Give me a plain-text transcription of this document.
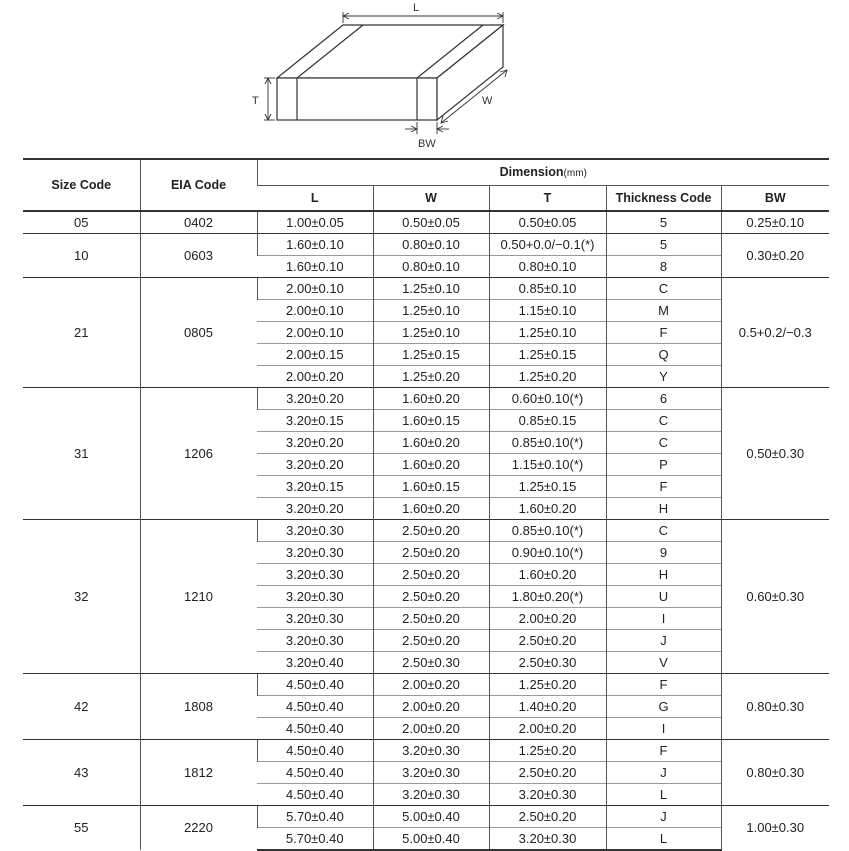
L
T	W
BW
Size Code	EIA Code	Dimension(mm)				
		L	W	T	Thickness Code	BW
05	0402	1.00±0.05	0.50±0.05	0.50±0.05	5	0.25±0.10
10	0603	1.60±0.10	0.80±0.10	0.50+0.0/−0.1(*)	5	0.30±0.20
		1.60±0.10	0.80±0.10	0.80±0.10	8	
21	0805	2.00±0.10	1.25±0.10	0.85±0.10	C	0.5+0.2/−0.3
		2.00±0.10	1.25±0.10	1.15±0.10	M	
		2.00±0.10	1.25±0.10	1.25±0.10	F	
		2.00±0.15	1.25±0.15	1.25±0.15	Q	
		2.00±0.20	1.25±0.20	1.25±0.20	Y	
31	1206	3.20±0.20	1.60±0.20	0.60±0.10(*)	6	0.50±0.30
		3.20±0.15	1.60±0.15	0.85±0.15	C	
		3.20±0.20	1.60±0.20	0.85±0.10(*)	C	
		3.20±0.20	1.60±0.20	1.15±0.10(*)	P	
		3.20±0.15	1.60±0.15	1.25±0.15	F	
		3.20±0.20	1.60±0.20	1.60±0.20	H	
32	1210	3.20±0.30	2.50±0.20	0.85±0.10(*)	C	0.60±0.30
		3.20±0.30	2.50±0.20	0.90±0.10(*)	9	
		3.20±0.30	2.50±0.20	1.60±0.20	H	
		3.20±0.30	2.50±0.20	1.80±0.20(*)	U	
		3.20±0.30	2.50±0.20	2.00±0.20	I	
		3.20±0.30	2.50±0.20	2.50±0.20	J	
		3.20±0.40	2.50±0.30	2.50±0.30	V	
42	1808	4.50±0.40	2.00±0.20	1.25±0.20	F	0.80±0.30
		4.50±0.40	2.00±0.20	1.40±0.20	G	
		4.50±0.40	2.00±0.20	2.00±0.20	I	
43	1812	4.50±0.40	3.20±0.30	1.25±0.20	F	0.80±0.30
		4.50±0.40	3.20±0.30	2.50±0.20	J	
		4.50±0.40	3.20±0.30	3.20±0.30	L	
55	2220	5.70±0.40	5.00±0.40	2.50±0.20	J	1.00±0.30
		5.70±0.40	5.00±0.40	3.20±0.30	L	
